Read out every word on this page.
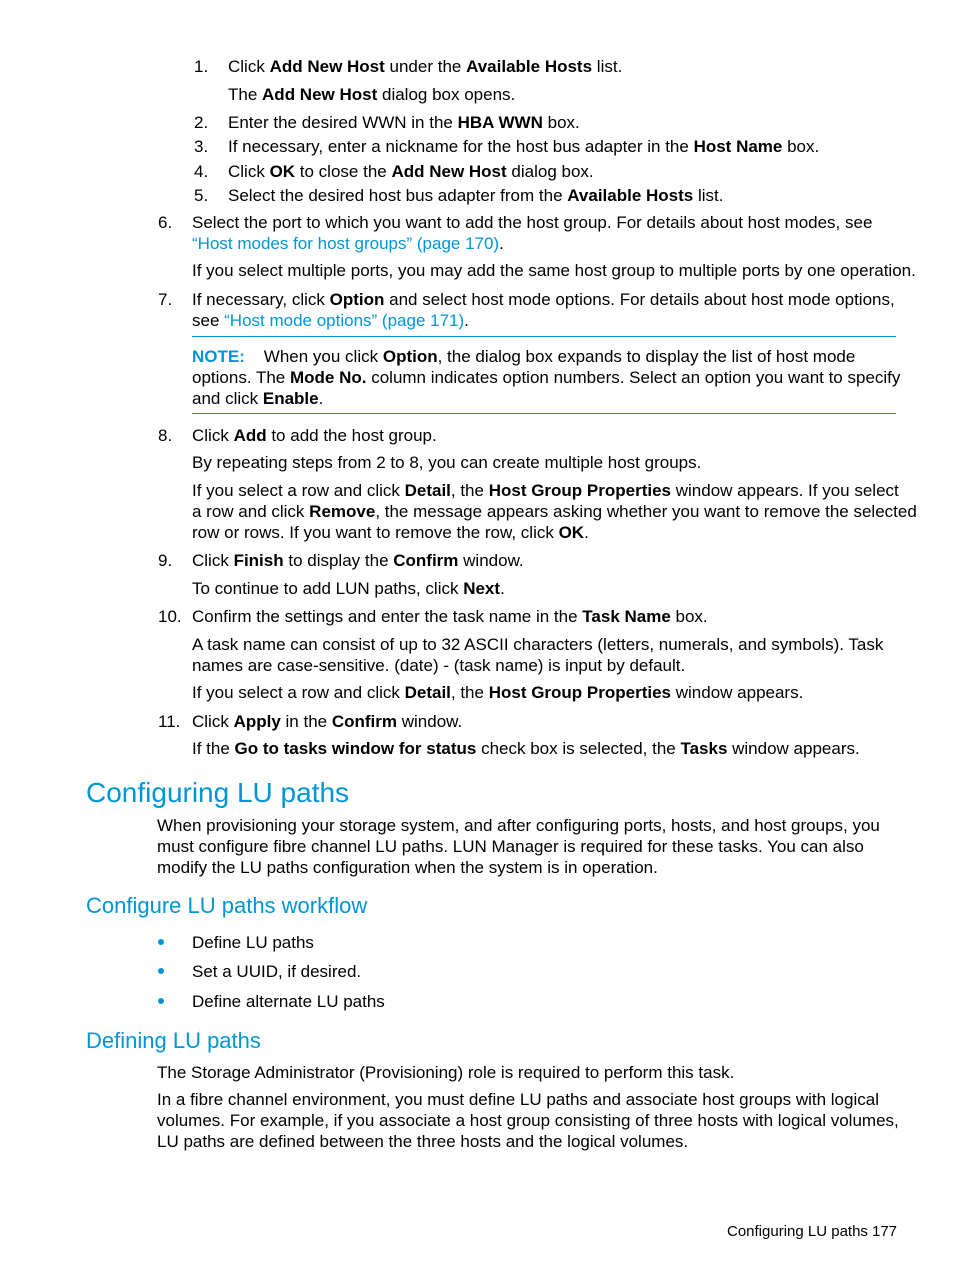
1. Click Add New Host under the Available Hosts list.
The Add New Host dialog box opens.
2. Enter the desired WWN in the HBA WWN box.
3. If necessary, enter a nickname for the host bus adapter in the Host Name box.
4. Click OK to close the Add New Host dialog box.
5. Select the desired host bus adapter from the Available Hosts list.
6. Select the port to which you want to add the host group. For details about host modes, see
“Host modes for host groups” (page 170).
If you select multiple ports, you may add the same host group to multiple ports by one operation.
7. If necessary, click Option and select host mode options. For details about host mode options,
see “Host mode options” (page 171).
NOTE: When you click Option, the dialog box expands to display the list of host mode
options. The Mode No. column indicates option numbers. Select an option you want to specify
and click Enable.
8. Click Add to add the host group.
By repeating steps from 2 to 8, you can create multiple host groups.
If you select a row and click Detail, the Host Group Properties window appears. If you select
a row and click Remove, the message appears asking whether you want to remove the selected
row or rows. If you want to remove the row, click OK.
9. Click Finish to display the Confirm window.
To continue to add LUN paths, click Next.
10. Confirm the settings and enter the task name in the Task Name box.
A task name can consist of up to 32 ASCII characters (letters, numerals, and symbols). Task
names are case-sensitive. (date) - (task name) is input by default.
If you select a row and click Detail, the Host Group Properties window appears.
11. Click Apply in the Confirm window.
If the Go to tasks window for status check box is selected, the Tasks window appears.
Configuring LU paths
When provisioning your storage system, and after configuring ports, hosts, and host groups, you
must configure fibre channel LU paths. LUN Manager is required for these tasks. You can also
modify the LU paths configuration when the system is in operation.
Configure LU paths workflow
Define LU paths
Set a UUID, if desired.
Define alternate LU paths
Defining LU paths
The Storage Administrator (Provisioning) role is required to perform this task.
In a fibre channel environment, you must define LU paths and associate host groups with logical
volumes. For example, if you associate a host group consisting of three hosts with logical volumes,
LU paths are defined between the three hosts and the logical volumes.
Configuring LU paths 177
